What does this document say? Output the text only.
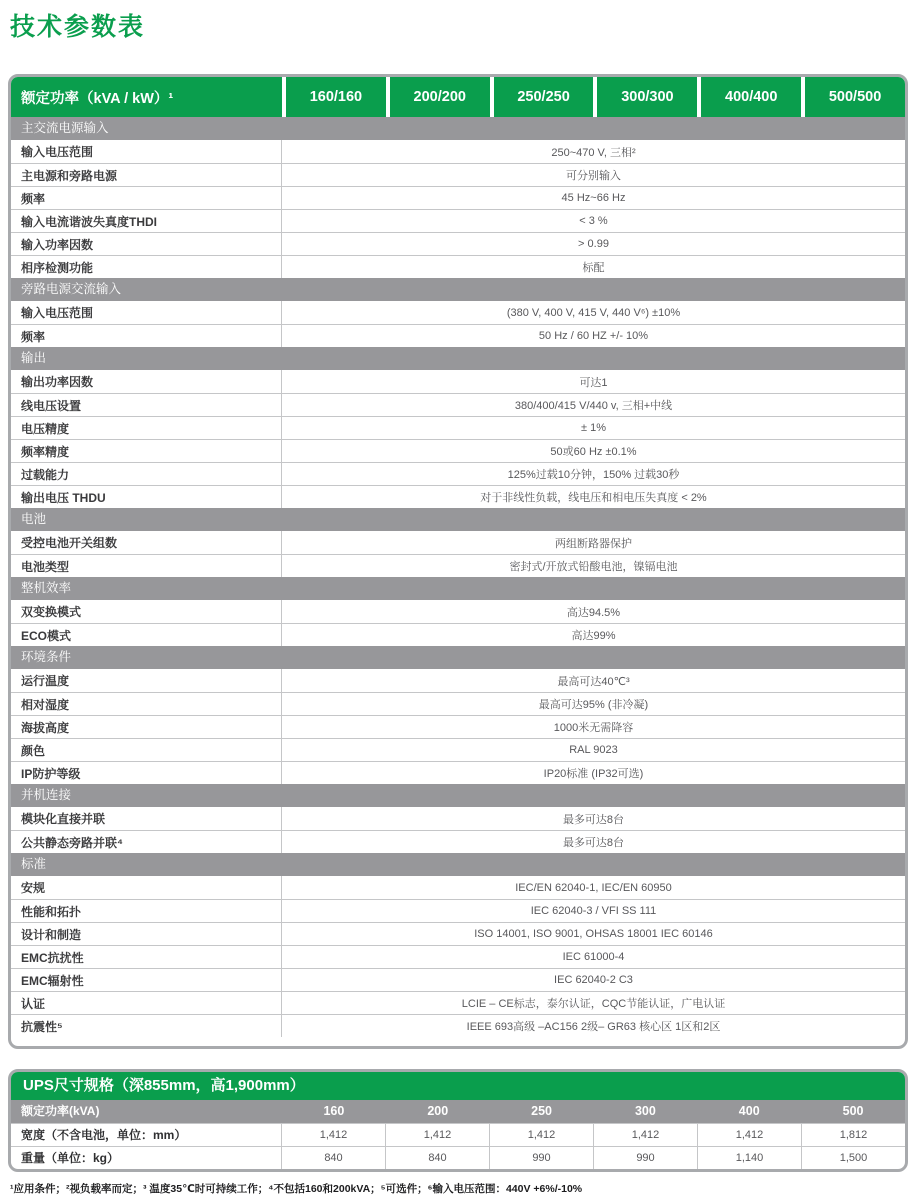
技术参数表
额定功率（kVA / kW）¹	160/160	200/200	250/250	300/300	400/400	500/500
主交流电源输入
输入电压范围	250~470 V, 三相²
主电源和旁路电源	可分别输入
频率	45 Hz~66 Hz
输入电流谐波失真度THDI	< 3 %
输入功率因数	> 0.99
相序检测功能	标配
旁路电源交流输入
输入电压范围	(380 V, 400 V, 415 V, 440 V⁶) ±10%
频率	50 Hz / 60 HZ +/- 10%
输出
输出功率因数	可达1
线电压设置	380/400/415 V/440 v, 三相+中线
电压精度	± 1%
频率精度	50或60 Hz ±0.1%
过载能力	125%过载10分钟，150% 过载30秒
输出电压 THDU	对于非线性负载，线电压和相电压失真度 < 2%
电池
受控电池开关组数	两组断路器保护
电池类型	密封式/开放式铅酸电池，镍镉电池
整机效率
双变换模式	高达94.5%
ECO模式	高达99%
环境条件
运行温度	最高可达40℃³
相对湿度	最高可达95% (非冷凝)
海拔高度	1000米无需降容
颜色	RAL 9023
IP防护等级	IP20标准 (IP32可选)
并机连接
模块化直接并联	最多可达8台
公共静态旁路并联⁴	最多可达8台
标准
安规	IEC/EN 62040-1, IEC/EN 60950
性能和拓扑	IEC 62040-3 / VFI SS 111
设计和制造	ISO 14001, ISO 9001, OHSAS 18001 IEC 60146
EMC抗扰性	IEC 61000-4
EMC辐射性	IEC 62040-2 C3
认证	LCIE – CE标志，泰尔认证，CQC节能认证，广电认证
抗震性⁵	IEEE 693高级 –AC156 2级– GR63 核心区 1区和2区
UPS尺寸规格（深855mm，高1,900mm）
额定功率(kVA)	160	200	250	300	400	500
宽度（不含电池，单位：mm）	1,412	1,412	1,412	1,412	1,412	1,812
重量（单位：kg）	840	840	990	990	1,140	1,500
¹应用条件；²视负载率而定；³ 温度35℃时可持续工作；⁴不包括160和200kVA；⁵可选件；⁶输入电压范围：440V +6%/-10%
